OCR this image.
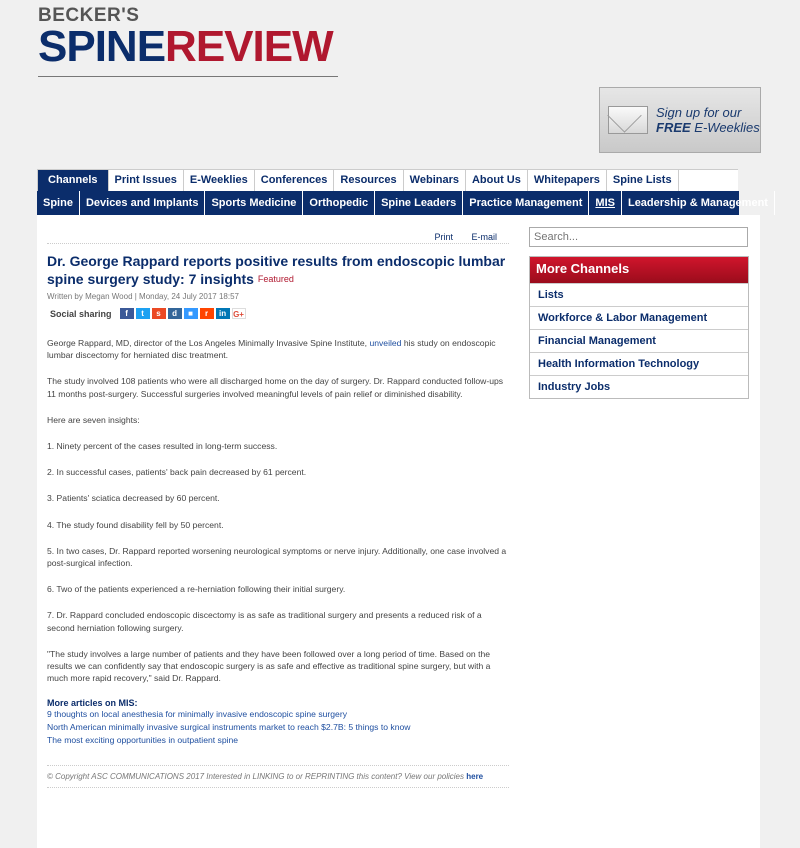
BECKER'S
SPINEREVIEW
Sign up for our
FREE E-Weeklies
Channels	Print Issues	E-Weeklies	Conferences	Resources	Webinars	About Us	Whitepapers	Spine Lists
Spine	Devices and Implants	Sports Medicine	Orthopedic	Spine Leaders	Practice Management	MIS	Leadership & Management
Print E-mail
Dr. George Rappard reports positive results from endoscopic lumbar spine surgery study: 7 insights $^{Featured}$
Written by Megan Wood | Monday, 24 July 2017 18:57
Social sharing	f	t	s	d	■	r	in G+

George Rappard, MD, director of the Los Angeles Minimally Invasive Spine Institute, unveiled his study on endoscopic lumbar discectomy for herniated disc treatment.

The study involved 108 patients who were all discharged home on the day of surgery. Dr. Rappard conducted follow-ups 11 months post-surgery. Successful surgeries involved meaningful levels of pain relief or diminished disability.

Here are seven insights:

1. Ninety percent of the cases resulted in long-term success.

2. In successful cases, patients' back pain decreased by 61 percent.

3. Patients' sciatica decreased by 60 percent.

4. The study found disability fell by 50 percent.

5. In two cases, Dr. Rappard reported worsening neurological symptoms or nerve injury. Additionally, one case involved a post-surgical infection.

6. Two of the patients experienced a re-herniation following their initial surgery.

7. Dr. Rappard concluded endoscopic discectomy is as safe as traditional surgery and presents a reduced risk of a second herniation following surgery.

"The study involves a large number of patients and they have been followed over a long period of time. Based on the results we can confidently say that endoscopic surgery is as safe and effective as traditional spine surgery, but with a much more rapid recovery," said Dr. Rappard.

More articles on MIS:
9 thoughts on local anesthesia for minimally invasive endoscopic spine surgery
North American minimally invasive surgical instruments market to reach $2.7B: 5 things to know
The most exciting opportunities in outpatient spine
© Copyright ASC COMMUNICATIONS 2017 Interested in LINKING to or REPRINTING this content? View our policies here
Search...
More Channels
Lists
Workforce & Labor Management
Financial Management
Health Information Technology
Industry Jobs
